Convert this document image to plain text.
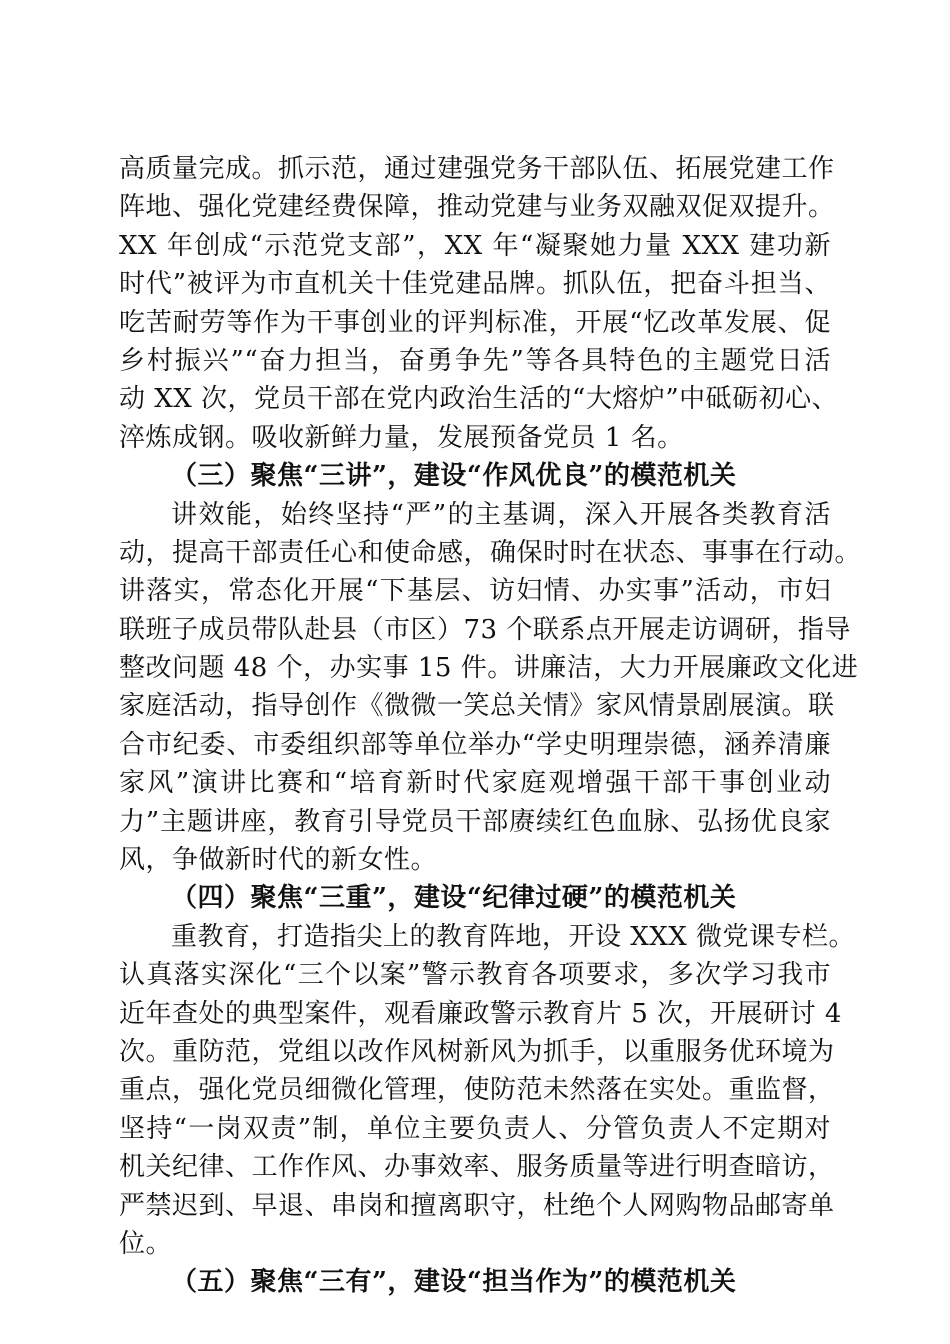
高质量完成。抓示范，通过建强党务干部队伍、拓展党建工作
阵地、强化党建经费保障，推动党建与业务双融双促双提升。
XX 年创成“示范党支部”，XX 年“凝聚她力量 XXX 建功新
时代”被评为市直机关十佳党建品牌。抓队伍，把奋斗担当、
吃苦耐劳等作为干事创业的评判标准，开展“忆改革发展、促
乡村振兴”“奋力担当，奋勇争先”等各具特色的主题党日活
动 XX 次，党员干部在党内政治生活的“大熔炉”中砥砺初心、
淬炼成钢。吸收新鲜力量，发展预备党员 1 名。
（三）聚焦“三讲”，建设“作风优良”的模范机关
讲效能，始终坚持“严”的主基调，深入开展各类教育活
动，提高干部责任心和使命感，确保时时在状态、事事在行动。
讲落实，常态化开展“下基层、访妇情、办实事”活动，市妇
联班子成员带队赴县（市区）73 个联系点开展走访调研，指导
整改问题 48 个，办实事 15 件。讲廉洁，大力开展廉政文化进
家庭活动，指导创作《微微一笑总关情》家风情景剧展演。联
合市纪委、市委组织部等单位举办“学史明理崇德，涵养清廉
家风”演讲比赛和“培育新时代家庭观增强干部干事创业动
力”主题讲座，教育引导党员干部赓续红色血脉、弘扬优良家
风，争做新时代的新女性。
（四）聚焦“三重”，建设“纪律过硬”的模范机关
重教育，打造指尖上的教育阵地，开设 XXX 微党课专栏。
认真落实深化“三个以案”警示教育各项要求，多次学习我市
近年查处的典型案件，观看廉政警示教育片 5 次，开展研讨 4
次。重防范，党组以改作风树新风为抓手，以重服务优环境为
重点，强化党员细微化管理，使防范未然落在实处。重监督，
坚持“一岗双责”制，单位主要负责人、分管负责人不定期对
机关纪律、工作作风、办事效率、服务质量等进行明查暗访，
严禁迟到、早退、串岗和擅离职守，杜绝个人网购物品邮寄单
位。
（五）聚焦“三有”，建设“担当作为”的模范机关
